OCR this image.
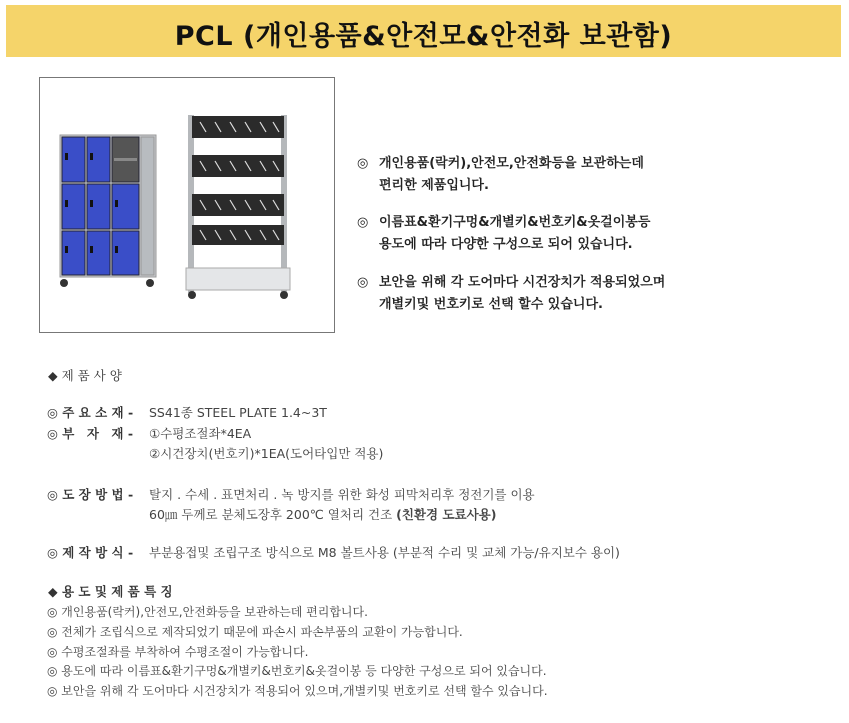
PCL (개인용품&안전모&안전화 보관함)
◎ 개인용품(락커),안전모,안전화등을 보관하는데
편리한 제품입니다.
◎ 이름표&환기구멍&개별키&번호키&옷걸이봉등
용도에 따라 다양한 구성으로 되어 있습니다.
◎ 보안을 위해 각 도어마다 시건장치가 적용되었으며
개별키및 번호키로 선택 할수 있습니다.
◆ 제 품 사 양
◎ 주 요 소 재 - SS41종 STEEL PLATE 1.4~3T
◎ 부　자　재 - ①수평조절좌*4EA
②시건장치(번호키)*1EA(도어타입만 적용)
◎ 도 장 방 법 - 탈지 . 수세 . 표면처리 . 녹 방지를 위한 화성 피막처리후 정전기를 이용
60㎛ 두께로 분체도장후 200℃ 열처리 건조 (친환경 도료사용)
◎ 제 작 방 식 - 부분용접및 조립구조 방식으로 M8 볼트사용 (부분적 수리 및 교체 가능/유지보수 용이)
◆ 용 도 및 제 품 특 징
◎ 개인용품(락커),안전모,안전화등을 보관하는데 편리합니다.
◎ 전체가 조립식으로 제작되었기 때문에 파손시 파손부품의 교환이 가능합니다.
◎ 수평조절좌를 부착하여 수평조절이 가능합니다.
◎ 용도에 따라 이름표&환기구멍&개별키&번호키&옷걸이봉 등 다양한 구성으로 되어 있습니다.
◎ 보안을 위해 각 도어마다 시건장치가 적용되어 있으며,개별키및 번호키로 선택 할수 있습니다.
